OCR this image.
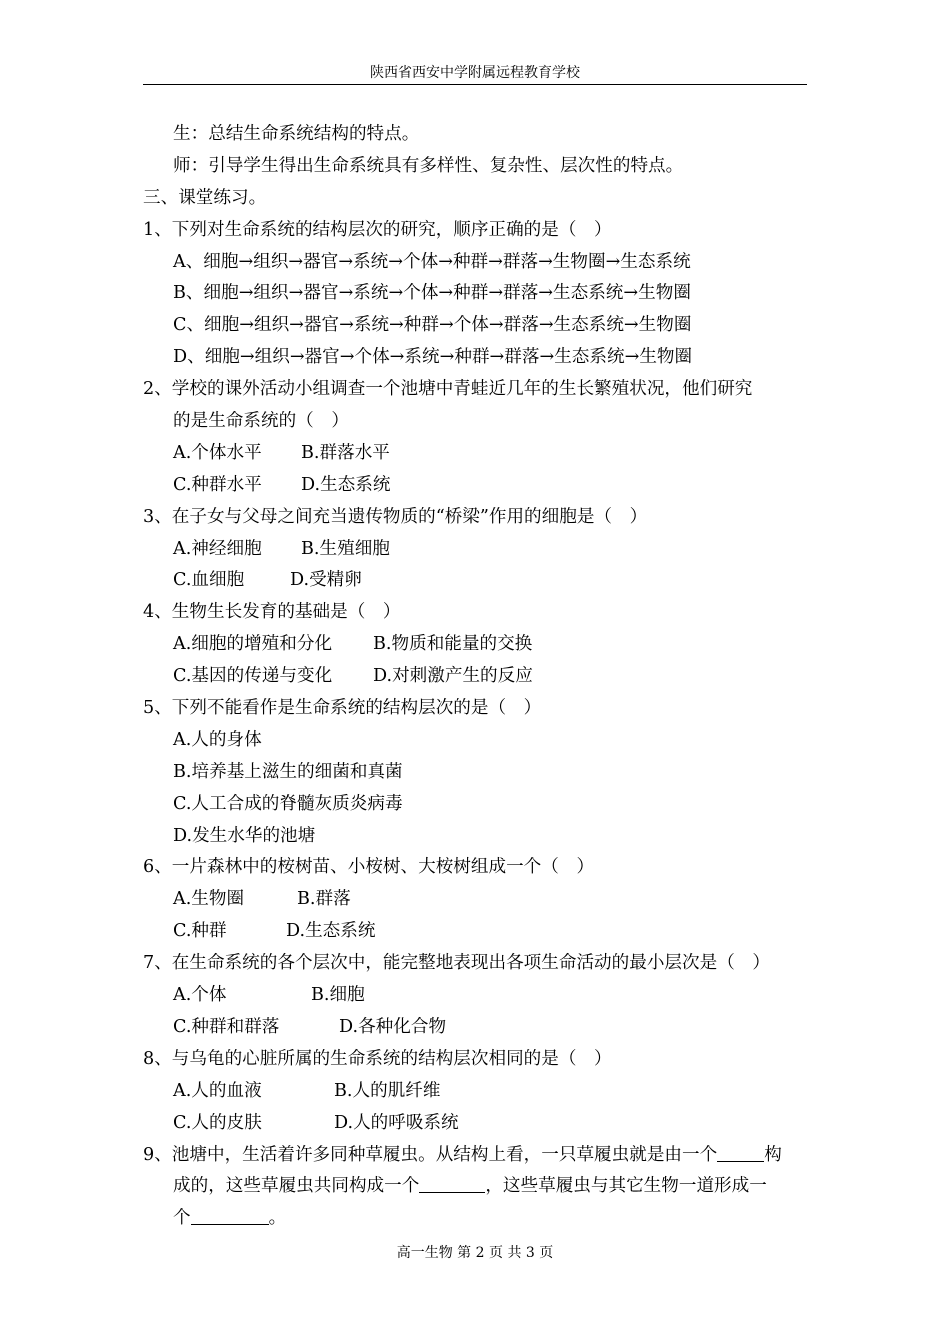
陕西省西安中学附属远程教育学校
生：总结生命系统结构的特点。
师：引导学生得出生命系统具有多样性、复杂性、层次性的特点。
三、课堂练习。
1、下列对生命系统的结构层次的研究，顺序正确的是（　）
A、细胞→组织→器官→系统→个体→种群→群落→生物圈→生态系统
B、细胞→组织→器官→系统→个体→种群→群落→生态系统→生物圈
C、细胞→组织→器官→系统→种群→个体→群落→生态系统→生物圈
D、细胞→组织→器官→个体→系统→种群→群落→生态系统→生物圈
2、学校的课外活动小组调查一个池塘中青蛙近几年的生长繁殖状况，他们研究
的是生命系统的（　）
A.个体水平 B.群落水平
C.种群水平 D.生态系统
3、在子女与父母之间充当遗传物质的“桥梁”作用的细胞是（　）
A.神经细胞 B.生殖细胞
C.血细胞	D.受精卵
4、生物生长发育的基础是（　）
A.细胞的增殖和分化 B.物质和能量的交换
C.基因的传递与变化 D.对刺激产生的反应
5、下列不能看作是生命系统的结构层次的是（　）
A.人的身体
B.培养基上滋生的细菌和真菌
C.人工合成的脊髓灰质炎病毒
D.发生水华的池塘
6、一片森林中的桉树苗、小桉树、大桉树组成一个（　）
A.生物圈	B.群落
C.种群	D.生态系统
7、在生命系统的各个层次中，能完整地表现出各项生命活动的最小层次是（　）
A.个体	B.细胞
C.种群和群落	D.各种化合物
8、与乌龟的心脏所属的生命系统的结构层次相同的是（　）
A.人的血液	B.人的肌纤维
C.人的皮肤	D.人的呼吸系统
9、池塘中，生活着许多同种草履虫。从结构上看，一只草履虫就是由一个	构
成的，这些草履虫共同构成一个	，这些草履虫与其它生物一道形成一
个	。
高一生物 第 2 页 共 3 页
